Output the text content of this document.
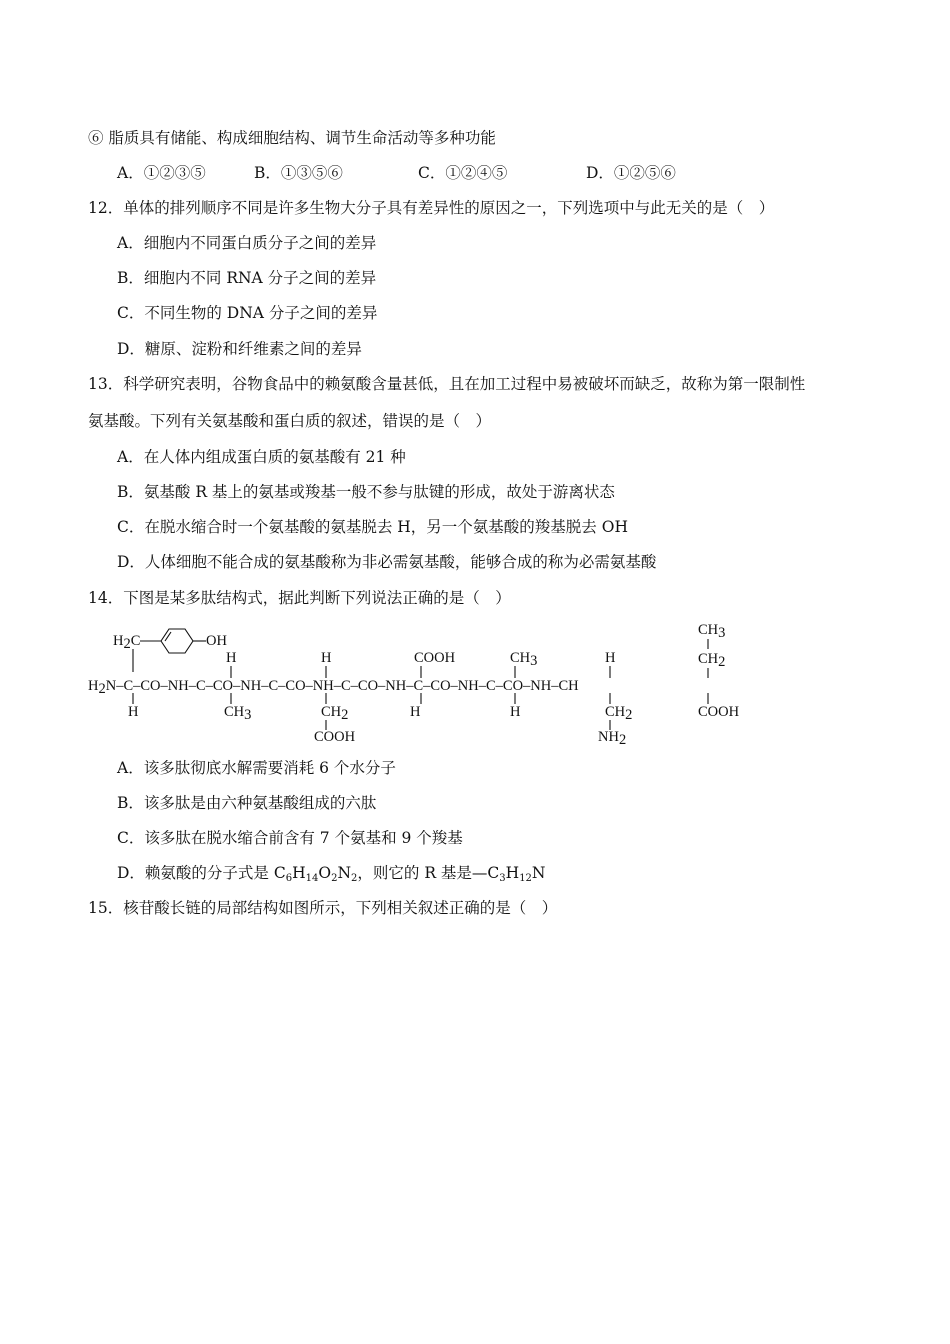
⑥ 脂质具有储能、构成细胞结构、调节生命活动等多种功能
A．①②③⑤	B．①③⑤⑥	C．①②④⑤	D．①②⑤⑥
12．单体的排列顺序不同是许多生物大分子具有差异性的原因之一，下列选项中与此无关的是（　）
A．细胞内不同蛋白质分子之间的差异
B．细胞内不同 RNA 分子之间的差异
C．不同生物的 DNA 分子之间的差异
D．糖原、淀粉和纤维素之间的差异
13．科学研究表明，谷物食品中的赖氨酸含量甚低，且在加工过程中易被破坏而缺乏，故称为第一限制性
氨基酸。下列有关氨基酸和蛋白质的叙述，错误的是（　）
A．在人体内组成蛋白质的氨基酸有 21 种
B．氨基酸 R 基上的氨基或羧基一般不参与肽键的形成，故处于游离状态
C．在脱水缩合时一个氨基酸的氨基脱去 H，另一个氨基酸的羧基脱去 OH
D．人体细胞不能合成的氨基酸称为非必需氨基酸，能够合成的称为必需氨基酸
14．下图是某多肽结构式，据此判断下列说法正确的是（　）
H2C	OH
H	H	COOH	CH3	H
CH3
CH2
H2N–C–CO–NH–C–CO–NH–C–CO–NH–C–CO–NH–C–CO–NH–C–CO–NH–CH
H	CH3	CH2	H	H	CH2	COOH
COOH	NH2
A．该多肽彻底水解需要消耗 6 个水分子
B．该多肽是由六种氨基酸组成的六肽
C．该多肽在脱水缩合前含有 7 个氨基和 9 个羧基
D．赖氨酸的分子式是 $C_6H_{14}O_2N_2$，则它的 R 基是$—C_3H_{12}N$
15．核苷酸长链的局部结构如图所示，下列相关叙述正确的是（　）
